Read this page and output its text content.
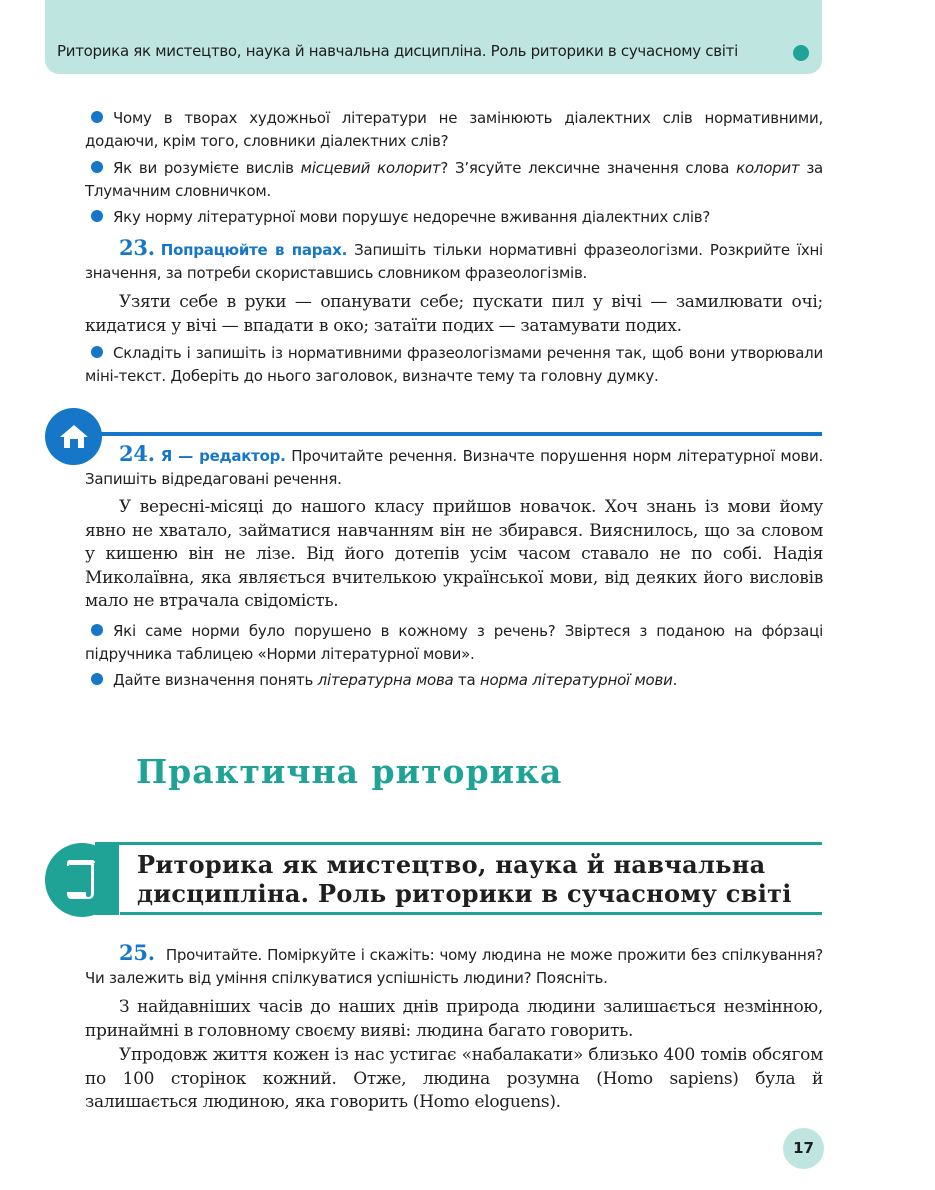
Риторика як мистецтво, наука й навчальна дисципліна. Роль риторики в сучасному світі

Чому в творах художньої літератури не замінюють діалектних слів нормативними, додаючи, крім того, словники діалектних слів?

Як ви розумієте вислів місцевий колорит? З’ясуйте лексичне значення слова колорит за Тлумачним словничком.

Яку норму літературної мови порушує недоречне вживання діалектних слів?

23. Попрацюйте в парах. Запишіть тільки нормативні фразеологізми. Розкрийте їхні значення, за потреби скориставшись словником фразеологізмів.

Узяти себе в руки — опанувати себе; пускати пил у вічі — замилювати очі; кидатися у вічі — впадати в око; затаїти подих — затамувати подих.

Складіть і запишіть із нормативними фразеологізмами речення так, щоб вони утворювали міні-текст. Доберіть до нього заголовок, визначте тему та головну думку.

24. Я — редактор. Прочитайте речення. Визначте порушення норм літературної мови. Запишіть відредаговані речення.

У вересні-місяці до нашого класу прийшов новачок. Хоч знань із мови йому явно не хватало, займатися навчанням він не збирався. Вияснилось, що за словом у кишеню він не лізе. Від його дотепів усім часом ставало не по собі. Надія Миколаївна, яка являється вчителькою української мови, від деяких його висловів мало не втрачала свідомість.

Які саме норми було порушено в кожному з речень? Звіртеся з поданою на фо́рзаці підручника таблицею «Норми літературної мови».

Дайте визначення понять літературна мова та норма літературної мови.

Практична риторика
Риторика як мистецтво, наука й навчальна дисципліна. Роль риторики в сучасному світі

25. Прочитайте. Поміркуйте і скажіть: чому людина не може прожити без спілкування? Чи залежить від уміння спілкуватися успішність людини? Поясніть.

З найдавніших часів до наших днів природа людини залишається незмінною, принаймні в головному своєму вияві: людина багато говорить.

Упродовж життя кожен із нас устигає «набалакати» близько 400 томів обсягом по 100 сторінок кожний. Отже, людина розумна (Homo sapiens) була й залишається людиною, яка говорить (Homo eloguens).

17
